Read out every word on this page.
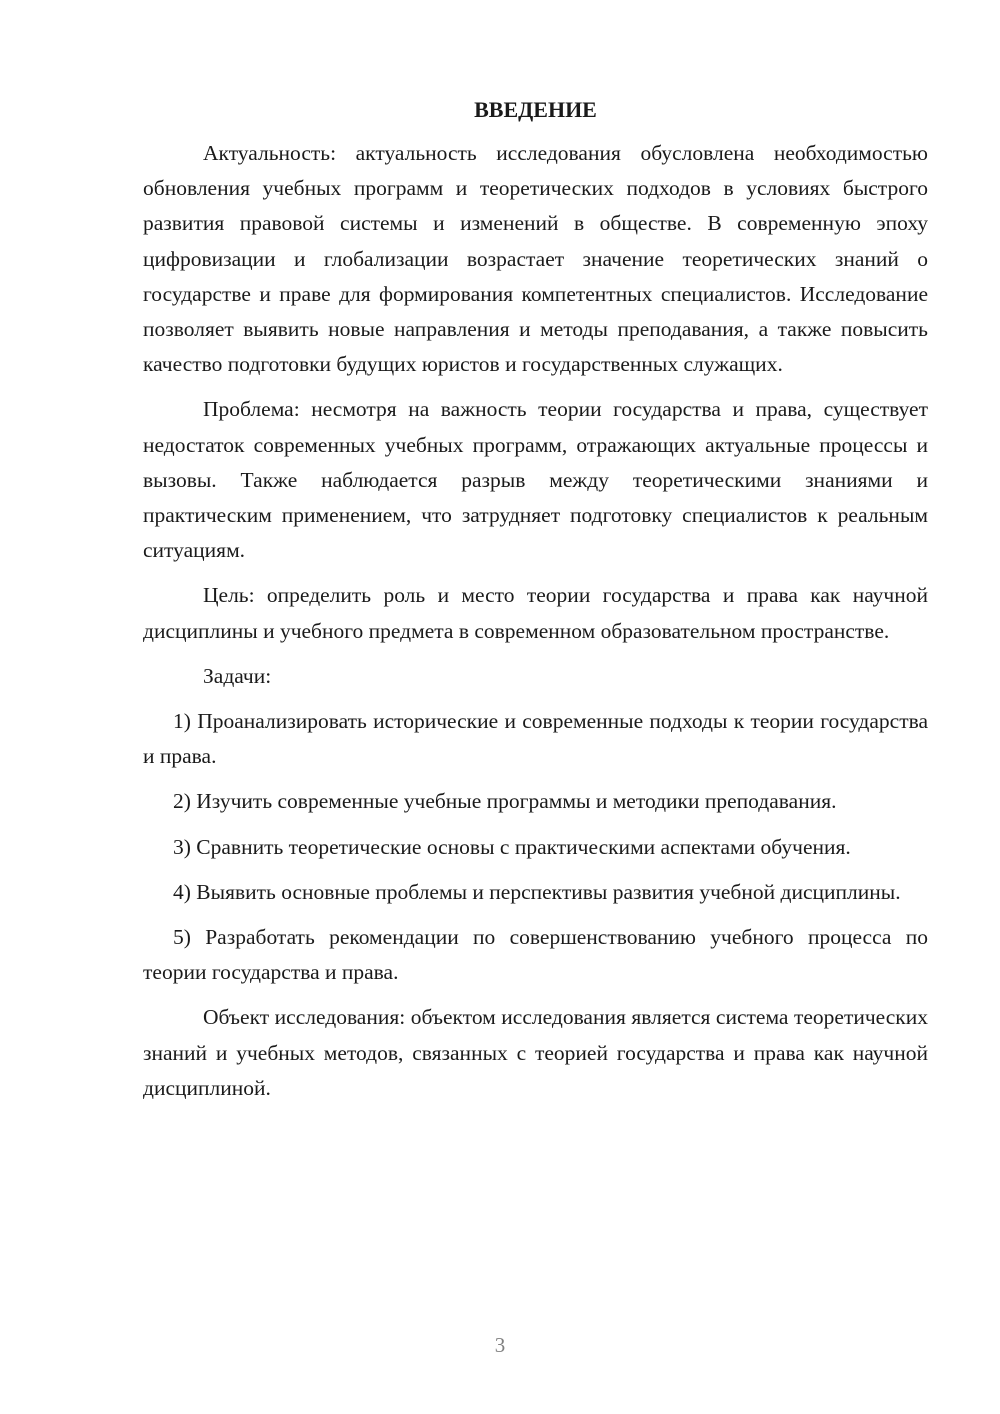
ВВЕДЕНИЕ

Актуальность: актуальность исследования обусловлена необходимостью обновления учебных программ и теоретических подходов в условиях быстрого развития правовой системы и изменений в обществе. В современную эпоху цифровизации и глобализации возрастает значение теоретических знаний о государстве и праве для формирования компетентных специалистов. Исследование позволяет выявить новые направления и методы преподавания, а также повысить качество подготовки будущих юристов и государственных служащих.

Проблема: несмотря на важность теории государства и права, существует недостаток современных учебных программ, отражающих актуальные процессы и вызовы. Также наблюдается разрыв между теоретическими знаниями и практическим применением, что затрудняет подготовку специалистов к реальным ситуациям.

Цель: определить роль и место теории государства и права как научной дисциплины и учебного предмета в современном образовательном пространстве.

Задачи:

1) Проанализировать исторические и современные подходы к теории государства и права.

2) Изучить современные учебные программы и методики преподавания.

3) Сравнить теоретические основы с практическими аспектами обучения.

4) Выявить основные проблемы и перспективы развития учебной дисциплины.

5) Разработать рекомендации по совершенствованию учебного процесса по теории государства и права.

Объект исследования: объектом исследования является система теоретических знаний и учебных методов, связанных с теорией государства и права как научной дисциплиной.

3
